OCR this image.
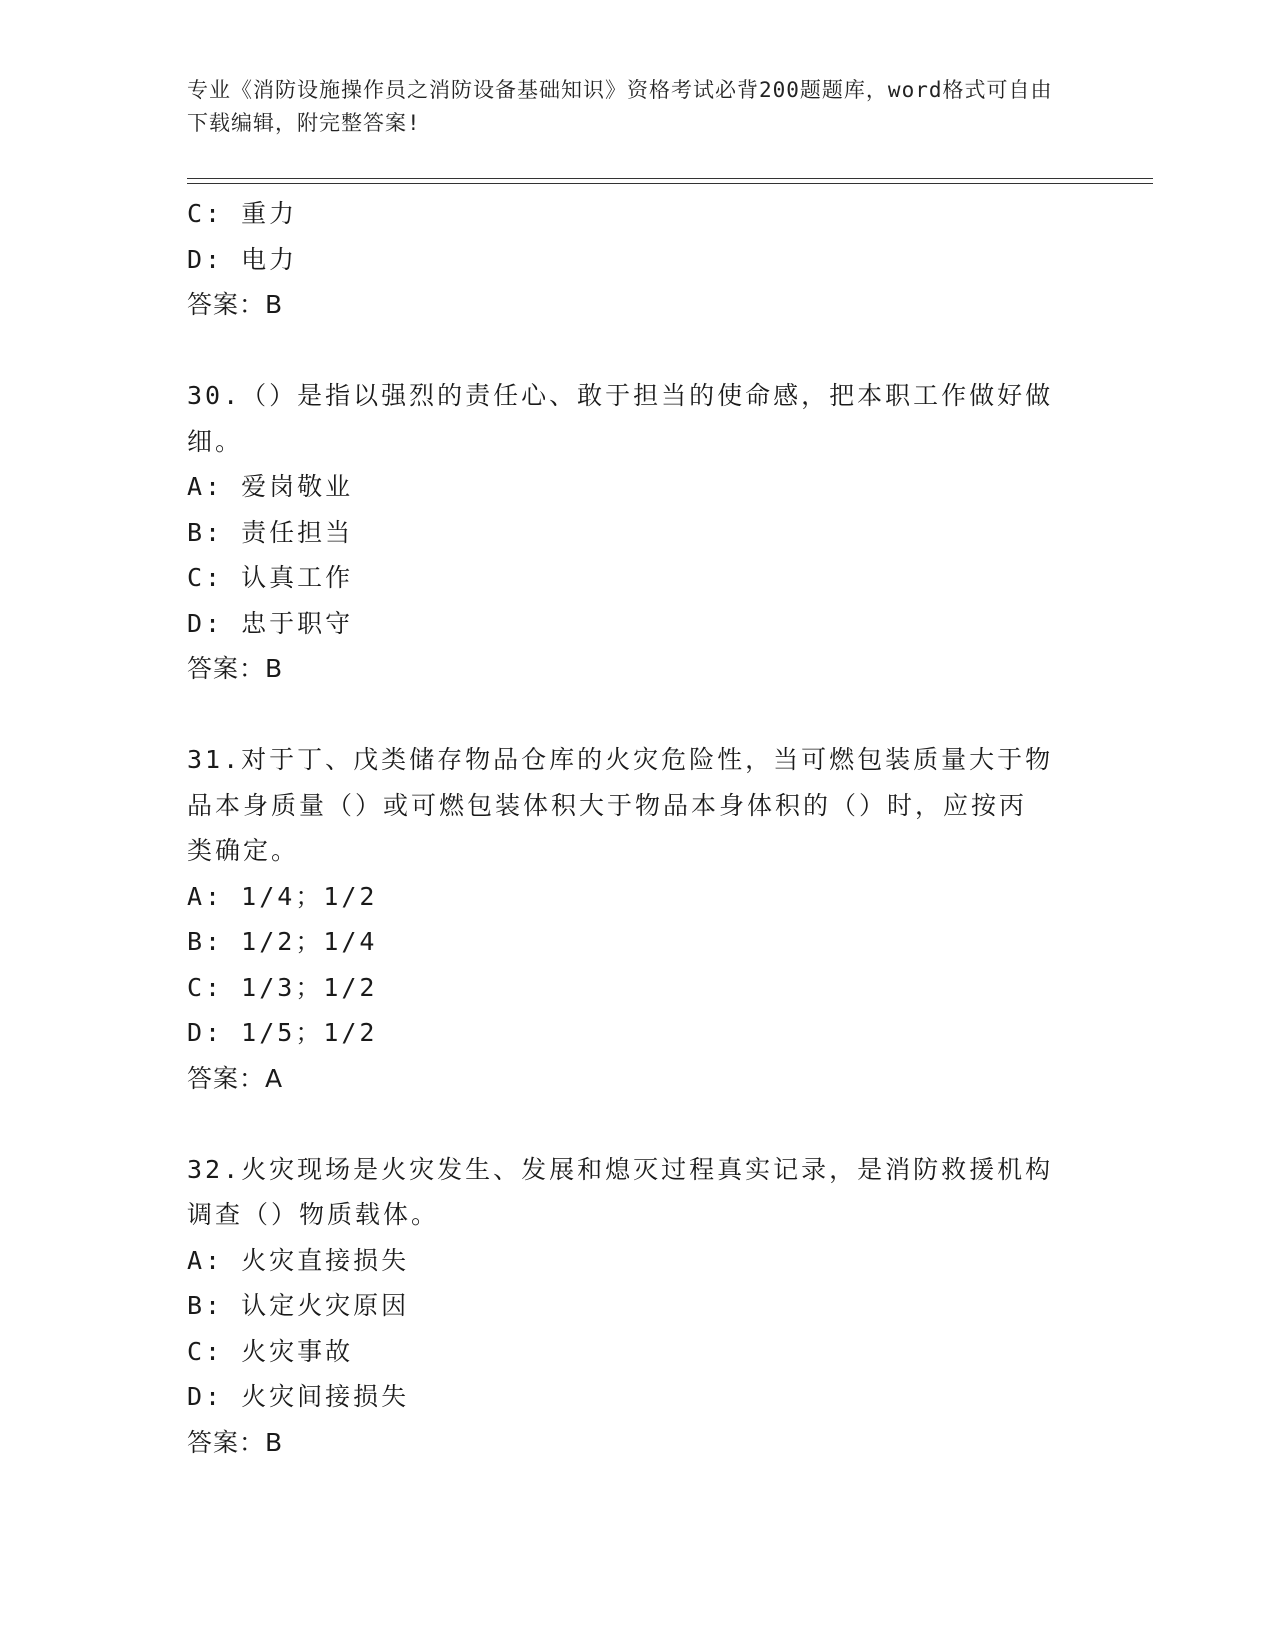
专业《消防设施操作员之消防设备基础知识》资格考试必背200题题库，word格式可自由下载编辑，附完整答案!
C: 重力
D: 电力
答案：B
30.（）是指以强烈的责任心、敢于担当的使命感，把本职工作做好做
细。
A: 爱岗敬业
B: 责任担当
C: 认真工作
D: 忠于职守
答案：B
31.对于丁、戊类储存物品仓库的火灾危险性，当可燃包装质量大于物
品本身质量（）或可燃包装体积大于物品本身体积的（）时，应按丙
类确定。
A: 1/4；1/2
B: 1/2；1/4
C: 1/3；1/2
D: 1/5；1/2
答案：A
32.火灾现场是火灾发生、发展和熄灭过程真实记录，是消防救援机构
调查（）物质载体。
A: 火灾直接损失
B: 认定火灾原因
C: 火灾事故
D: 火灾间接损失
答案：B
